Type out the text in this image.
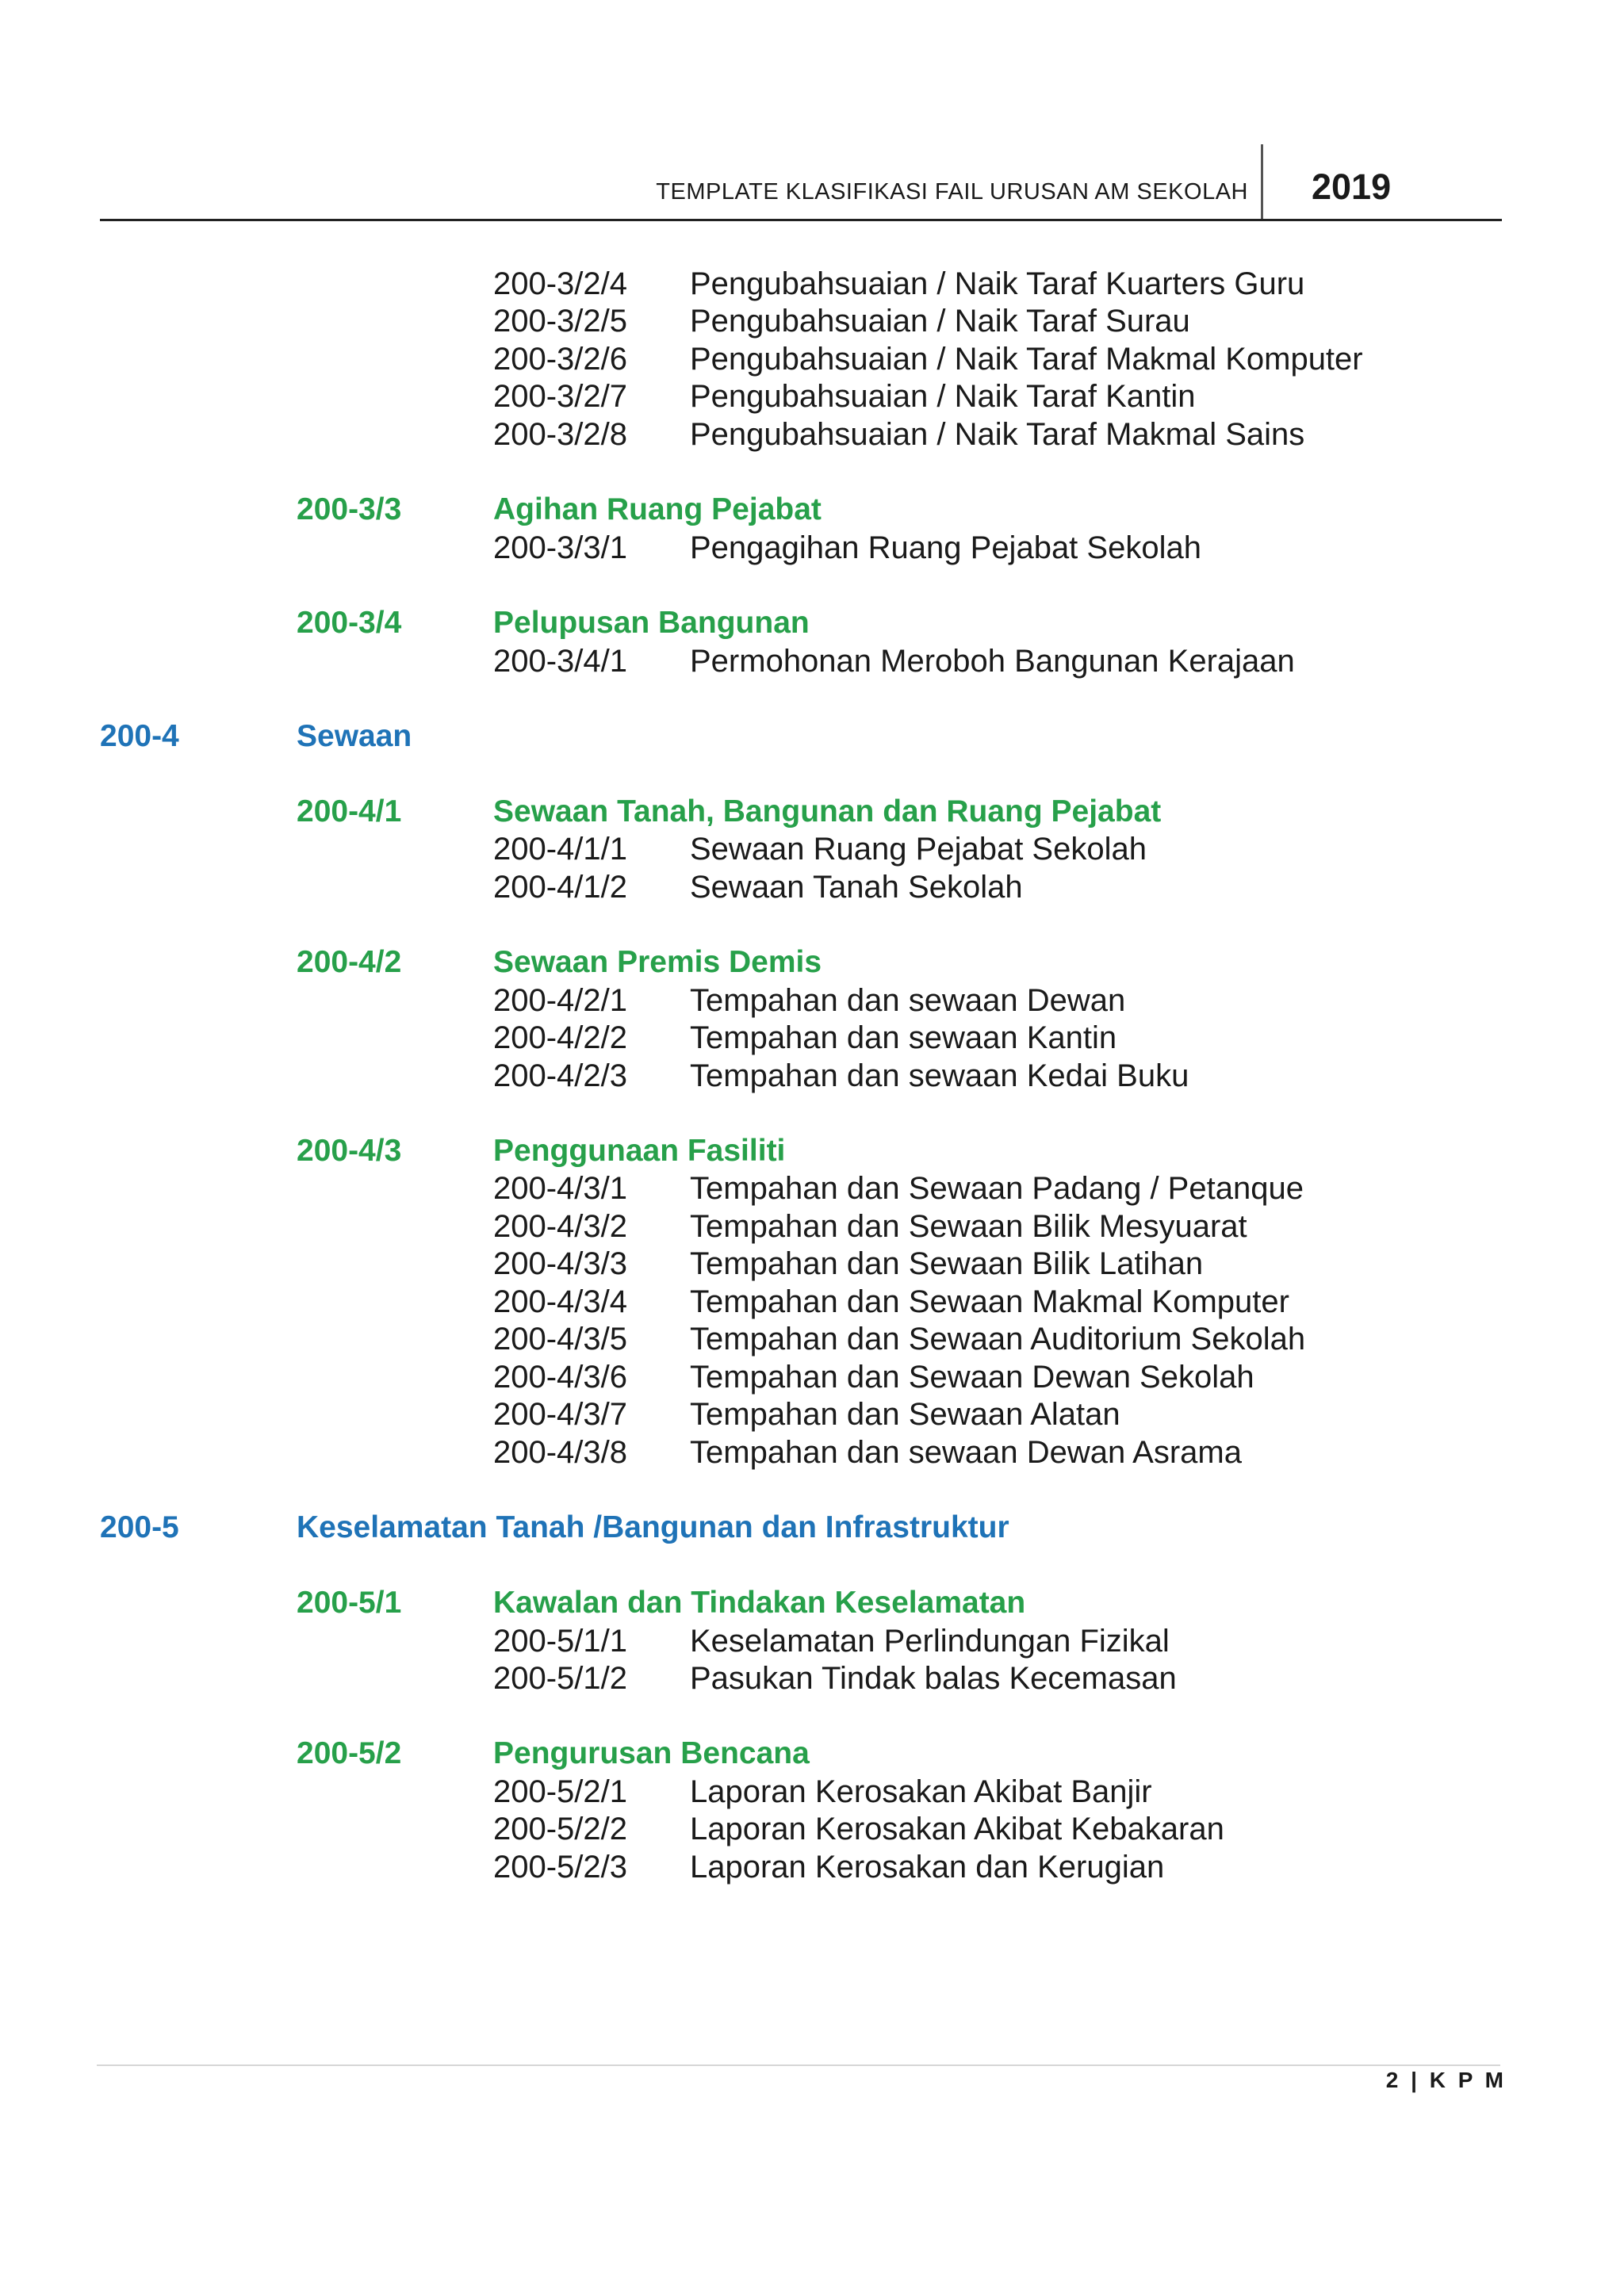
TEMPLATE KLASIFIKASI FAIL URUSAN AM SEKOLAH 2019
200-3/2/4 Pengubahsuaian / Naik Taraf Kuarters Guru
200-3/2/5 Pengubahsuaian / Naik Taraf Surau
200-3/2/6 Pengubahsuaian / Naik Taraf Makmal Komputer
200-3/2/7 Pengubahsuaian / Naik Taraf Kantin
200-3/2/8 Pengubahsuaian / Naik Taraf Makmal Sains
200-3/3	Agihan Ruang Pejabat
200-3/3/1 Pengagihan Ruang Pejabat Sekolah
200-3/4	Pelupusan Bangunan
200-3/4/1 Permohonan Meroboh Bangunan Kerajaan
200-4	Sewaan
200-4/1	Sewaan Tanah, Bangunan dan Ruang Pejabat
200-4/1/1 Sewaan Ruang Pejabat Sekolah
200-4/1/2 Sewaan Tanah Sekolah
200-4/2	Sewaan Premis Demis
200-4/2/1 Tempahan dan sewaan Dewan
200-4/2/2 Tempahan dan sewaan Kantin
200-4/2/3 Tempahan dan sewaan Kedai Buku
200-4/3	Penggunaan Fasiliti
200-4/3/1 Tempahan dan Sewaan Padang / Petanque
200-4/3/2 Tempahan dan Sewaan Bilik Mesyuarat
200-4/3/3 Tempahan dan Sewaan Bilik Latihan
200-4/3/4 Tempahan dan Sewaan Makmal Komputer
200-4/3/5 Tempahan dan Sewaan Auditorium Sekolah
200-4/3/6 Tempahan dan Sewaan Dewan Sekolah
200-4/3/7 Tempahan dan Sewaan Alatan
200-4/3/8 Tempahan dan sewaan Dewan Asrama
200-5	Keselamatan Tanah /Bangunan dan Infrastruktur
200-5/1	Kawalan dan Tindakan Keselamatan
200-5/1/1 Keselamatan Perlindungan Fizikal
200-5/1/2 Pasukan Tindak balas Kecemasan
200-5/2	Pengurusan Bencana
200-5/2/1 Laporan Kerosakan Akibat Banjir
200-5/2/2 Laporan Kerosakan Akibat Kebakaran
200-5/2/3 Laporan Kerosakan dan Kerugian
2 | K P M
